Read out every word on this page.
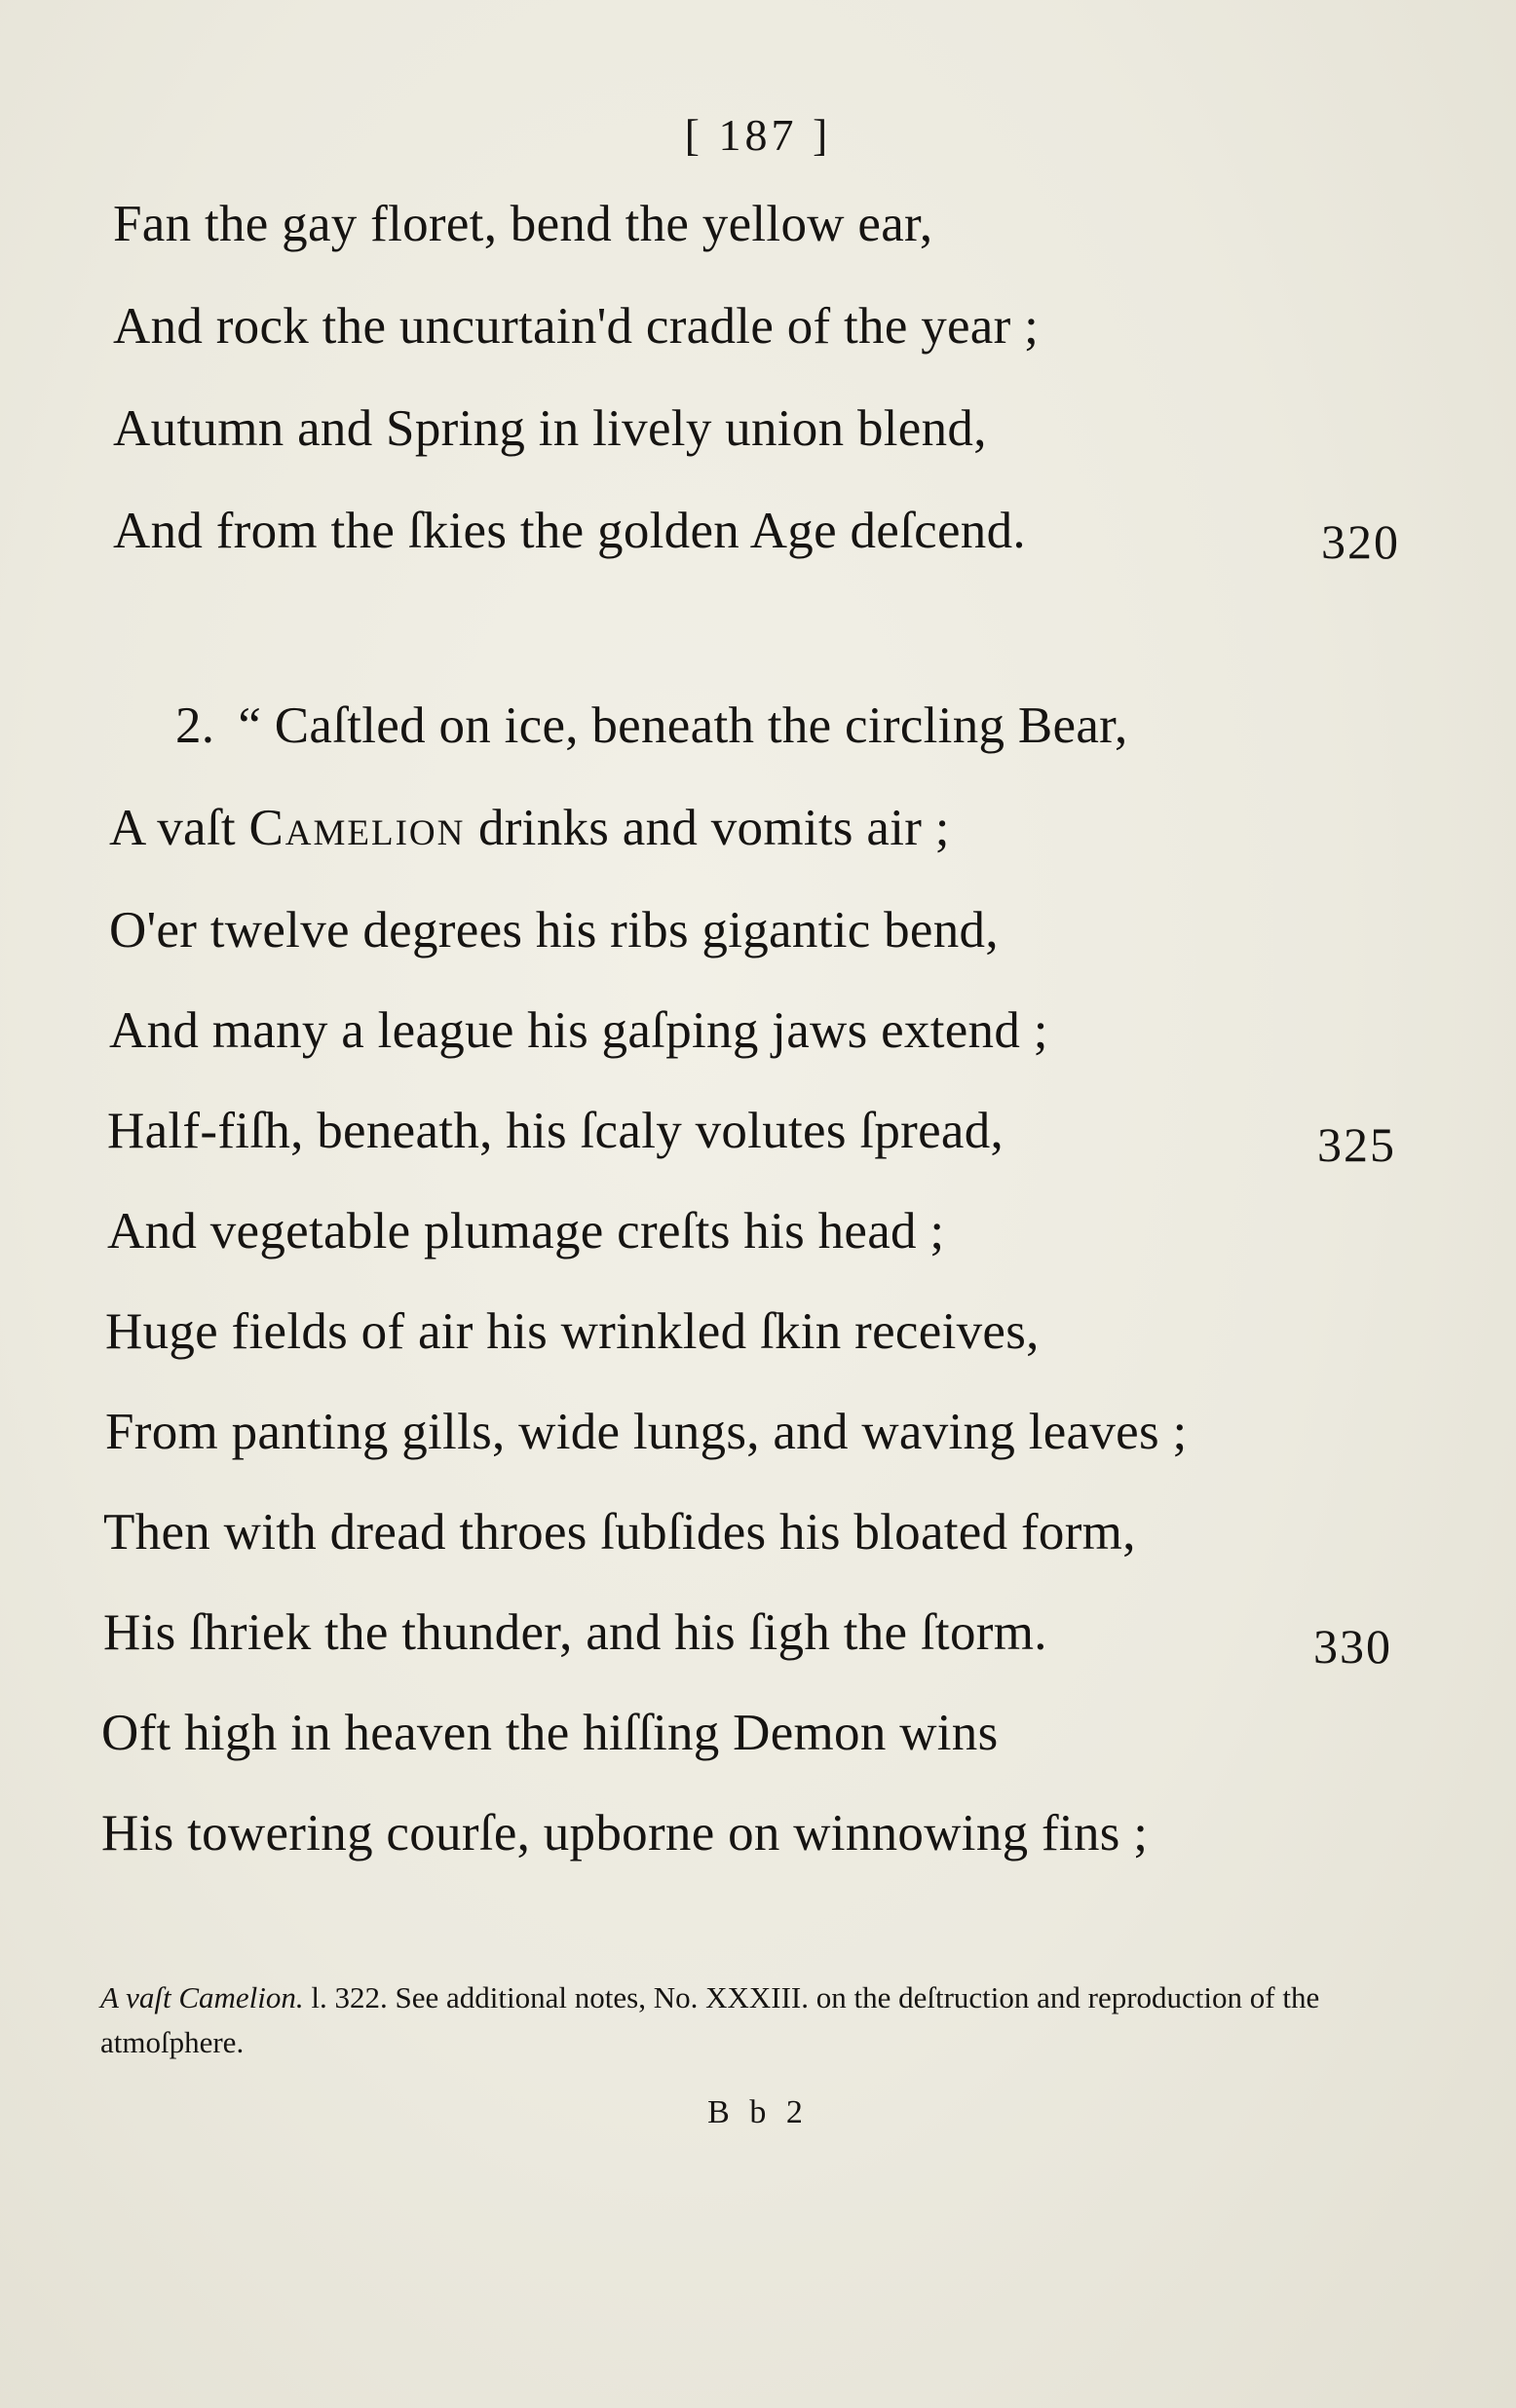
[ 187 ]
Fan the gay floret, bend the yellow ear,
And rock the uncurtain'd cradle of the year ;
Autumn and Spring in lively union blend,
And from the ſkies the golden Age deſcend.	320
2. “ Caſtled on ice, beneath the circling Bear,
A vaſt Camelion drinks and vomits air ;
O'er twelve degrees his ribs gigantic bend,
And many a league his gaſping jaws extend ;
Half-fiſh, beneath, his ſcaly volutes ſpread,	325
And vegetable plumage creſts his head ;
Huge fields of air his wrinkled ſkin receives,
From panting gills, wide lungs, and waving leaves ;
Then with dread throes ſubſides his bloated form,
His ſhriek the thunder, and his ſigh the ſtorm.	330
Oft high in heaven the hiſſing Demon wins
His towering courſe, upborne on winnowing fins ;
A vaſt Camelion. l. 322. See additional notes, No. XXXIII. on the deſtruction and reproduction of the atmoſphere.
B b 2
